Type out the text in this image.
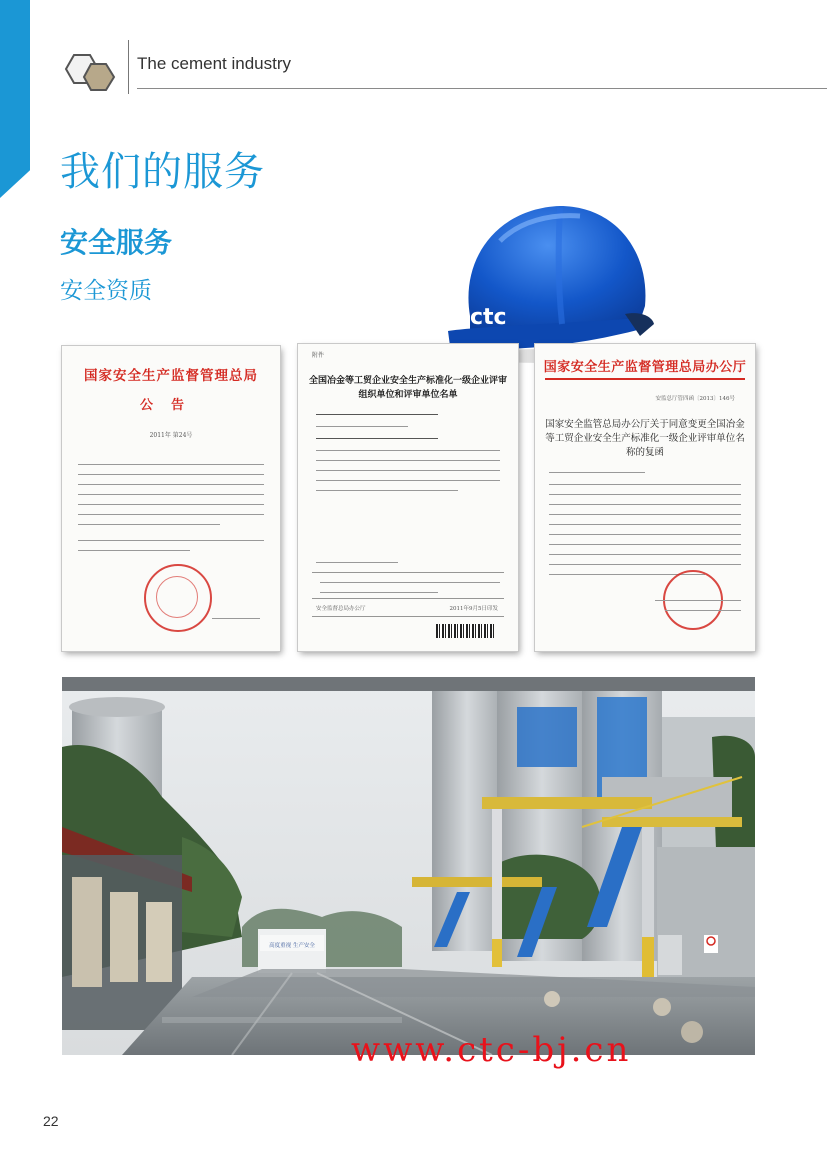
The cement industry
我们的服务
安全服务
安全资质
ctc
国家安全生产监督管理总局
公告
2011年 第24号
附件
全国冶金等工贸企业安全生产标准化一级企业评审组织单位和评审单位名单
安全监督总局办公厅	2011年9月5日印发
国家安全生产监督管理总局办公厅
安监总厅管四函〔2013〕146号
国家安全监管总局办公厅关于同意变更全国冶金等工贸企业安全生产标准化一级企业评审单位名称的复函
高度重视 生产安全
www.ctc-bj.cn
22
